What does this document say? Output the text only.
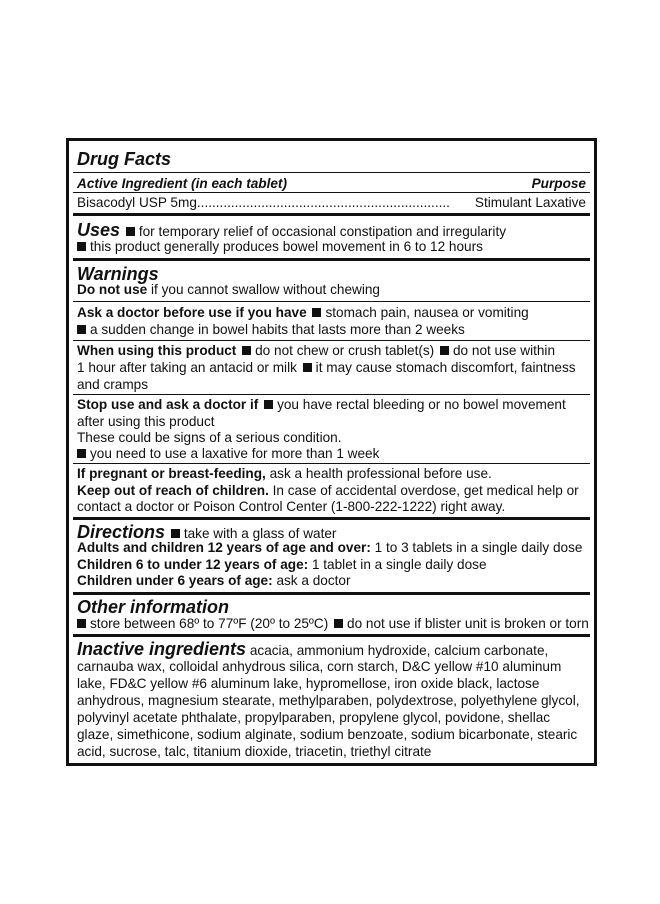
Drug Facts
Active Ingredient (in each tablet)	Purpose
Bisacodyl USP 5mg................................................................... Stimulant Laxative
Uses for temporary relief of occasional constipation and irregularity
this product generally produces bowel movement in 6 to 12 hours
Warnings
Do not use if you cannot swallow without chewing
Ask a doctor before use if you have stomach pain, nausea or vomiting
a sudden change in bowel habits that lasts more than 2 weeks
When using this product do not chew or crush tablet(s) do not use within
1 hour after taking an antacid or milk it may cause stomach discomfort, faintness
and cramps
Stop use and ask a doctor if you have rectal bleeding or no bowel movement
after using this product
These could be signs of a serious condition.
you need to use a laxative for more than 1 week
If pregnant or breast-feeding, ask a health professional before use.
Keep out of reach of children. In case of accidental overdose, get medical help or
contact a doctor or Poison Control Center (1-800-222-1222) right away.
Directions take with a glass of water
Adults and children 12 years of age and over: 1 to 3 tablets in a single daily dose
Children 6 to under 12 years of age: 1 tablet in a single daily dose
Children under 6 years of age: ask a doctor
Other information
store between 68º to 77ºF (20º to 25ºC) do not use if blister unit is broken or torn
Inactive ingredients acacia, ammonium hydroxide, calcium carbonate,
carnauba wax, colloidal anhydrous silica, corn starch, D&C yellow #10 aluminum
lake, FD&C yellow #6 aluminum lake, hypromellose, iron oxide black, lactose
anhydrous, magnesium stearate, methylparaben, polydextrose, polyethylene glycol,
polyvinyl acetate phthalate, propylparaben, propylene glycol, povidone, shellac
glaze, simethicone, sodium alginate, sodium benzoate, sodium bicarbonate, stearic
acid, sucrose, talc, titanium dioxide, triacetin, triethyl citrate
